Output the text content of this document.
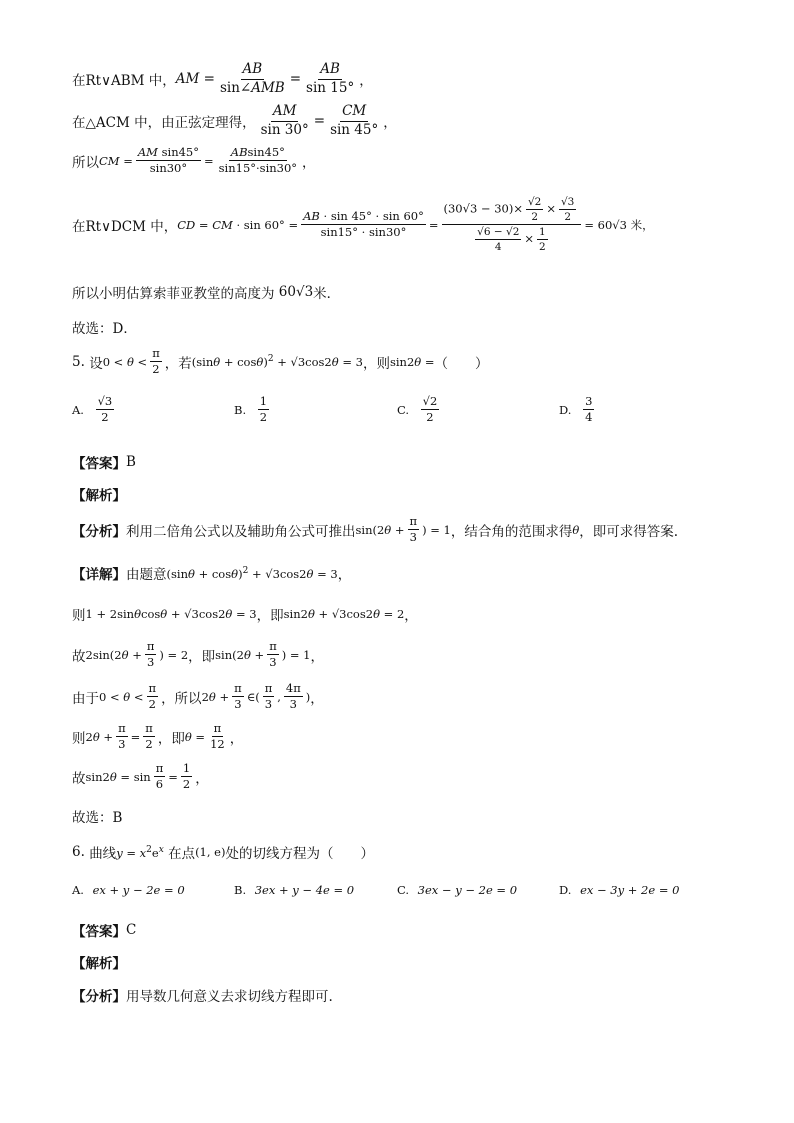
在Rt∨ABM 中， AM = $\frac{AB}{\text{sin∠AMB}} = \frac{AB}{\sin 15^\circ}$ ，
在△ACM 中，由正弦定理得， $\frac{AM}{\sin 30^\circ} = \frac{CM}{\sin 45^\circ}$ ，
所以 CM = $\frac{\text{AM sin45°}}{\sin 30^\circ} = \frac{ABsin45^\circ}{\sin 15^\circ\cdot\sin 30^\circ}$ ，
在Rt∨DCM 中， CD = CM · $\sin 60^\circ = \frac{AB \cdot \sin 45^\circ \cdot \sin 60^\circ}{\sin 15^\circ \cdot \sin 30^\circ} = \frac{(30√3 - 30)\times \frac{√2}{2} \times \frac{√3}{2}}{\frac{√6 - √2}{4} \times \frac{1}{2}} = 60√3$ 米，
所以小明估算索菲亚教堂的高度为 60√3 米．
故选：D．
5.
设 $0 < \theta < \frac{\pi}{2}$ ，若 $(\sin\theta + \cos\theta)^2 + √3\cos 2\theta = 3$ ，则 sin2θ = （　　）
A.
$\frac{√3}{2}$	B.
$\frac{1}{2}$	C.
$\frac{√2}{2}$	D.
$\frac{3}{4}$
【答案】 B
【解析】
【分析】 利用二倍角公式以及辅助角公式可推出 $\sin(2\theta + \frac{\pi}{3}$ ) = 1 ，结合角的范围求得 θ ，即可求得答案.
【详解】 由题意 $(\sin\theta + \cos\theta)^2 + √3\cos 2\theta = 3$ ，
则 1 + 2sinθcosθ + √3cos2θ = 3 ，即 sin2θ + √3cos2θ = 2 ，
故 $2\sin(2\theta + \frac{\pi}{3}$ ) = 2 ，即 $\sin(2\theta + \frac{\pi}{3}$ ) = 1 ，
由于 $0 < \theta < \frac{\pi}{2}$ ，所以 $2\theta + \frac{\pi}{3}$ ∈( $\frac{\pi}{3}$ , $\frac{4\pi}{3}$ ) ，
则 $2\theta + \frac{\pi}{3} = \frac{\pi}{2}$ ，即 $\theta = \frac{\pi}{12}$ ，
故 $\sin 2\theta = \sin \frac{\pi}{6} = \frac{1}{2}$ ，
故选：B
6.
曲线 $y = x^2e^x$
在点 (1, e) 处的切线方程为（　　）
A.
ex + y − 2e = 0	B.
3ex + y − 4e = 0	C.
3ex − y − 2e = 0	D.
ex − 3y + 2e = 0
【答案】 C
【解析】
【分析】 用导数几何意义去求切线方程即可.
